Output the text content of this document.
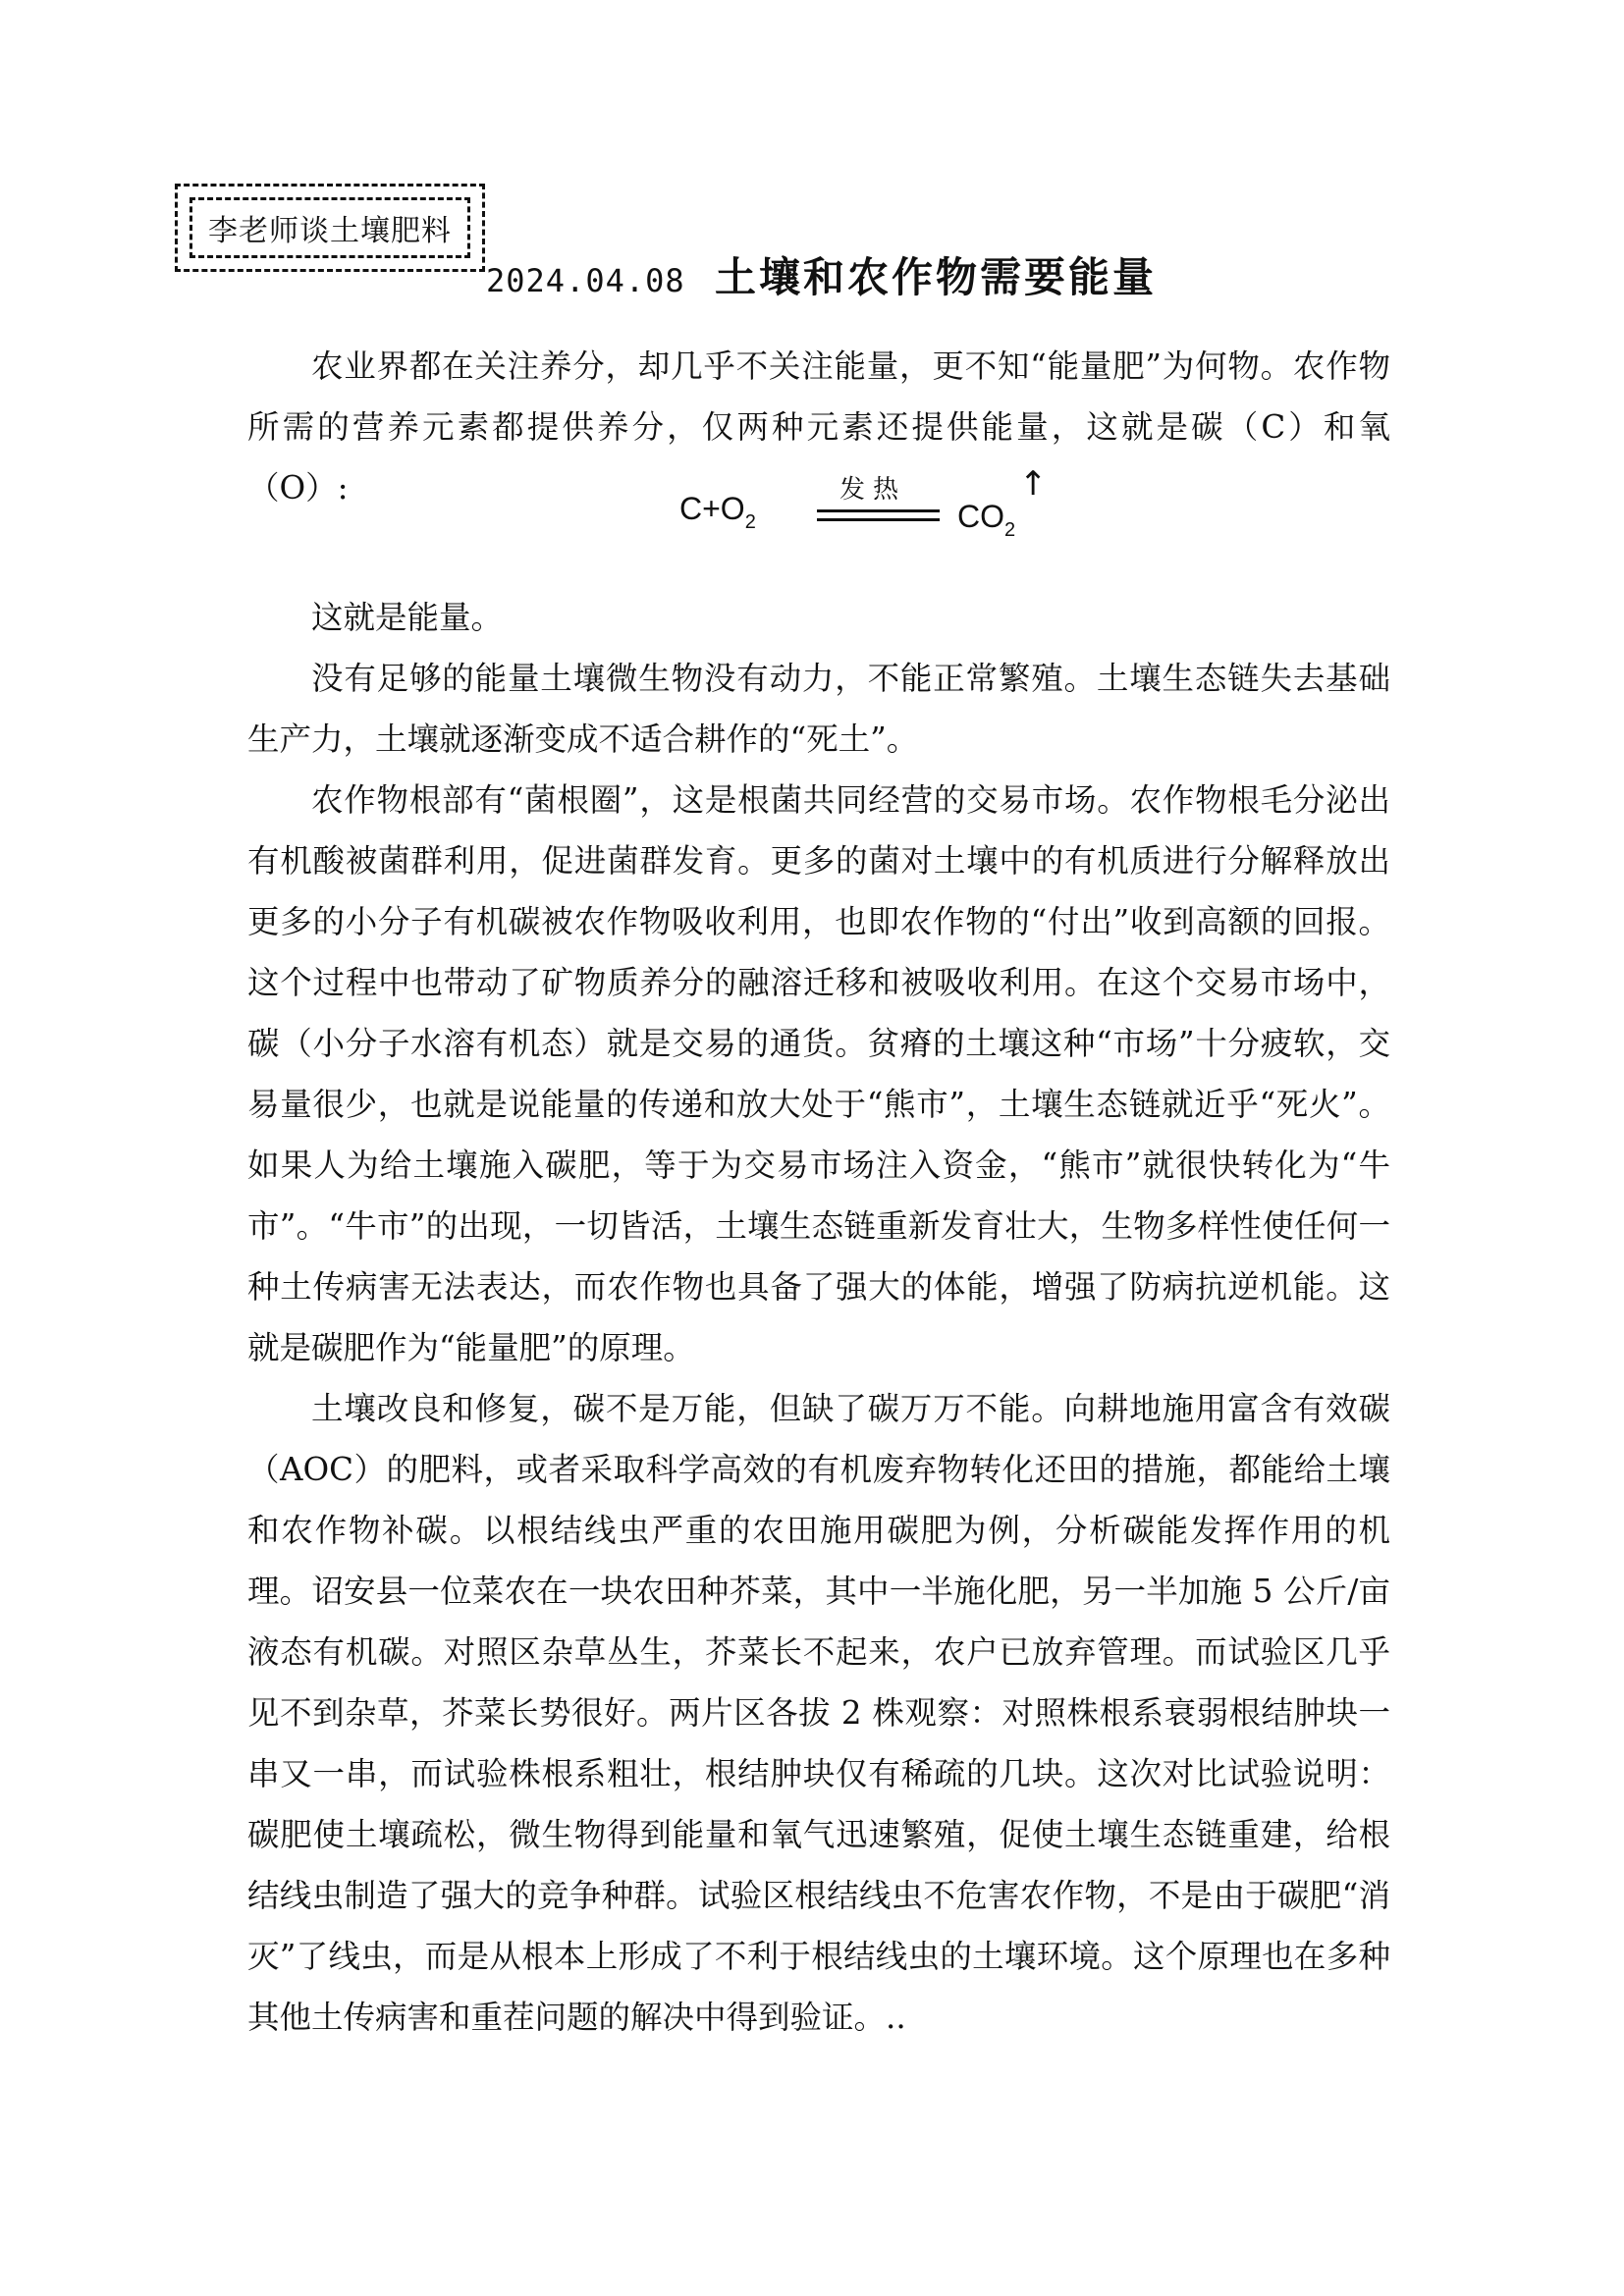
李老师谈土壤肥料
2024.04.08 土壤和农作物需要能量

农业界都在关注养分，却几乎不关注能量，更不知“能量肥”为何物。农作物所需的营养元素都提供养分，仅两种元素还提供能量，这就是碳（C）和氧（O）:

$C+O_2$
发热
$CO_2$
↑

这就是能量。

没有足够的能量土壤微生物没有动力，不能正常繁殖。土壤生态链失去基础生产力，土壤就逐渐变成不适合耕作的“死土”。

农作物根部有“菌根圈”，这是根菌共同经营的交易市场。农作物根毛分泌出有机酸被菌群利用，促进菌群发育。更多的菌对土壤中的有机质进行分解释放出更多的小分子有机碳被农作物吸收利用，也即农作物的“付出”收到高额的回报。这个过程中也带动了矿物质养分的融溶迁移和被吸收利用。在这个交易市场中，碳（小分子水溶有机态）就是交易的通货。贫瘠的土壤这种“市场”十分疲软，交易量很少，也就是说能量的传递和放大处于“熊市”，土壤生态链就近乎“死火”。如果人为给土壤施入碳肥，等于为交易市场注入资金，“熊市”就很快转化为“牛市”。“牛市”的出现，一切皆活，土壤生态链重新发育壮大，生物多样性使任何一种土传病害无法表达，而农作物也具备了强大的体能，增强了防病抗逆机能。这就是碳肥作为“能量肥”的原理。

土壤改良和修复，碳不是万能，但缺了碳万万不能。向耕地施用富含有效碳（AOC）的肥料，或者采取科学高效的有机废弃物转化还田的措施，都能给土壤和农作物补碳。以根结线虫严重的农田施用碳肥为例，分析碳能发挥作用的机理。诏安县一位菜农在一块农田种芥菜，其中一半施化肥，另一半加施 5 公斤/亩液态有机碳。对照区杂草丛生，芥菜长不起来，农户已放弃管理。而试验区几乎见不到杂草，芥菜长势很好。两片区各拔 2 株观察：对照株根系衰弱根结肿块一串又一串，而试验株根系粗壮，根结肿块仅有稀疏的几块。这次对比试验说明：碳肥使土壤疏松，微生物得到能量和氧气迅速繁殖，促使土壤生态链重建，给根结线虫制造了强大的竞争种群。试验区根结线虫不危害农作物，不是由于碳肥“消灭”了线虫，而是从根本上形成了不利于根结线虫的土壤环境。这个原理也在多种其他土传病害和重茬问题的解决中得到验证。..
